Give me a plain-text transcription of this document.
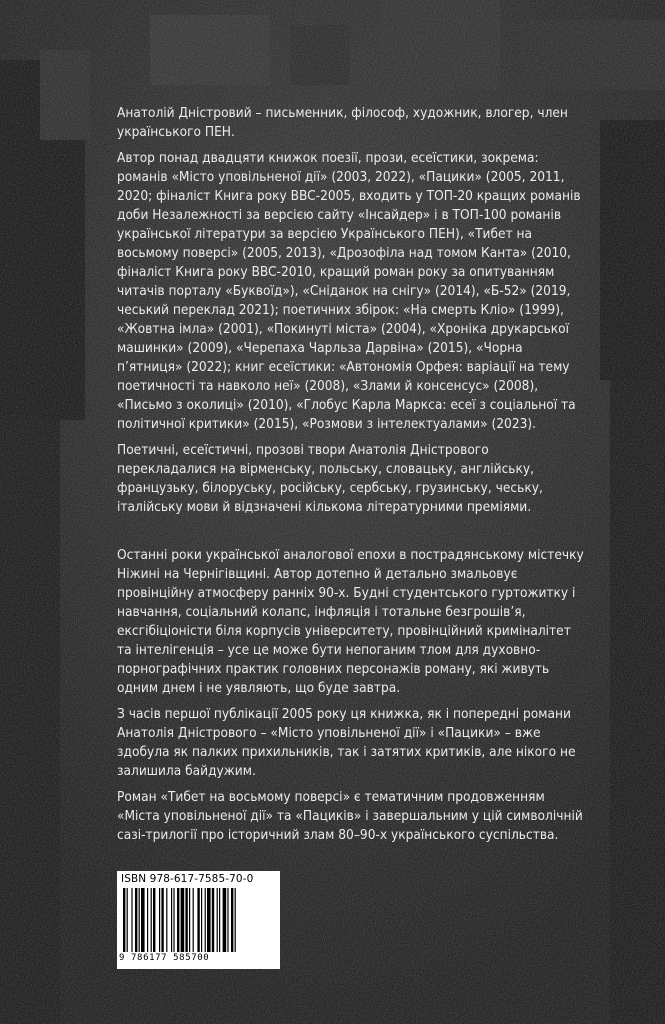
Анатолій Дністровий – письменник, філософ, художник, влогер, член українського ПЕН.

Автор понад двадцяти книжок поезії, прози, есеїстики, зокрема: романів «Місто уповільненої дії» (2003, 2022), «Пацики» (2005, 2011, 2020; фіналіст Книга року BBC-2005, входить у ТОП-20 кращих романів доби Незалежності за версією сайту «Інсайдер» і в ТОП-100 романів української літератури за версією Українського ПЕН), «Тибет на восьмому поверсі» (2005, 2013), «Дрозофіла над томом Канта» (2010, фіналіст Книга року BBC-2010, кращий роман року за опитуванням читачів порталу «Буквоїд»), «Сніданок на снігу» (2014), «Б-52» (2019, чеський переклад 2021); поетичних збірок: «На смерть Кліо» (1999), «Жовтна імла» (2001), «Покинуті міста» (2004), «Хроніка друкарської машинки» (2009), «Черепаха Чарльза Дарвіна» (2015), «Чорна п’ятниця» (2022); книг есеїстики: «Автономія Орфея: варіації на тему поетичності та навколо неї» (2008), «Злами й консенсус» (2008), «Письмо з околиці» (2010), «Глобус Карла Маркса: есеї з соціальної та політичної критики» (2015), «Розмови з інтелектуалами» (2023).

Поетичні, есеїстичні, прозові твори Анатолія Дністрового перекладалися на вірменську, польську, словацьку, англійську, французьку, білоруську, російську, сербську, грузинську, чеську, італійську мови й відзначені кількома літературними преміями.

Останні роки української аналогової епохи в пострадянському містечку Ніжині на Чернігівщині. Автор дотепно й детально змальовує провінційну атмосферу ранніх 90-х. Будні студентського гуртожитку і навчання, соціальний колапс, інфляція і тотальне безгрошів’я, ексгібіціоністи біля корпусів університету, провінційний криміналітет та інтелігенція – усе це може бути непоганим тлом для духовно-порнографічних практик головних персонажів роману, які живуть одним днем і не уявляють, що буде завтра.

З часів першої публікації 2005 року ця книжка, як і попередні романи Анатолія Дністрового – «Місто уповільненої дії» і «Пацики» – вже здобула як палких прихильників, так і затятих критиків, але нікого не залишила байдужим.

Роман «Тибет на восьмому поверсі» є тематичним продовженням «Міста уповільненої дії» та «Пациків» і завершальним у цій символічній сазі-трилогії про історичний злам 80–90-х українського суспільства.

ISBN 978-617-7585-70-0
9 786177 585700
